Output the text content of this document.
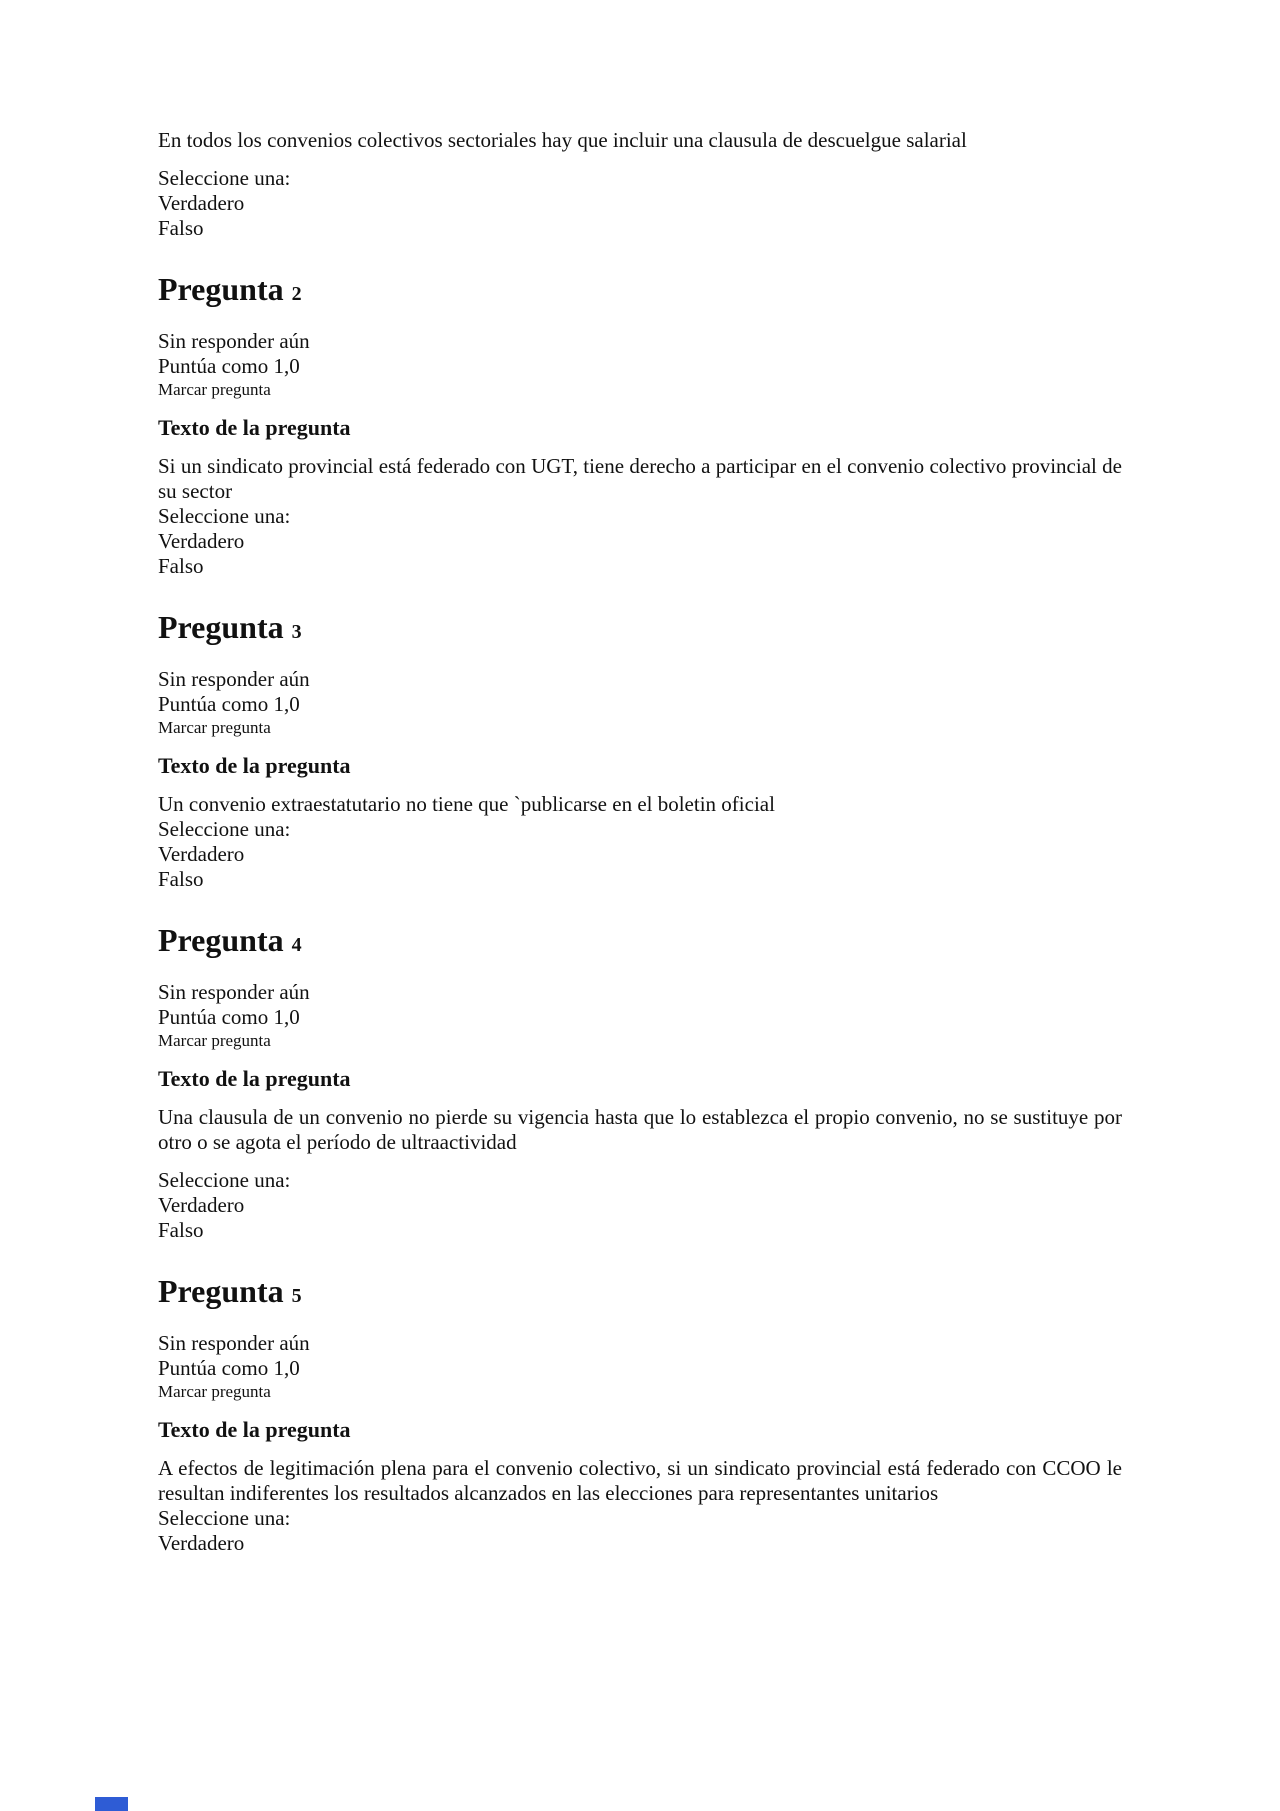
En todos los convenios colectivos sectoriales hay que incluir una clausula de descuelgue salarial

Seleccione una:
Verdadero
Falso

Pregunta 2

Sin responder aún
Puntúa como 1,0
Marcar pregunta

Texto de la pregunta

Si un sindicato provincial está federado con UGT, tiene derecho a participar en el convenio colectivo provincial de su sector

Seleccione una:
Verdadero
Falso

Pregunta 3

Sin responder aún
Puntúa como 1,0
Marcar pregunta

Texto de la pregunta

Un convenio extraestatutario no tiene que `publicarse en el boletin oficial

Seleccione una:
Verdadero
Falso

Pregunta 4

Sin responder aún
Puntúa como 1,0
Marcar pregunta

Texto de la pregunta

Una clausula de un convenio no pierde su vigencia hasta que lo establezca el propio convenio, no se sustituye por otro o se agota el período de ultraactividad

Seleccione una:
Verdadero
Falso

Pregunta 5

Sin responder aún
Puntúa como 1,0
Marcar pregunta

Texto de la pregunta

A efectos de legitimación plena para el convenio colectivo, si un sindicato provincial está federado con CCOO le resultan indiferentes los resultados alcanzados en las elecciones para representantes unitarios

Seleccione una:
Verdadero
